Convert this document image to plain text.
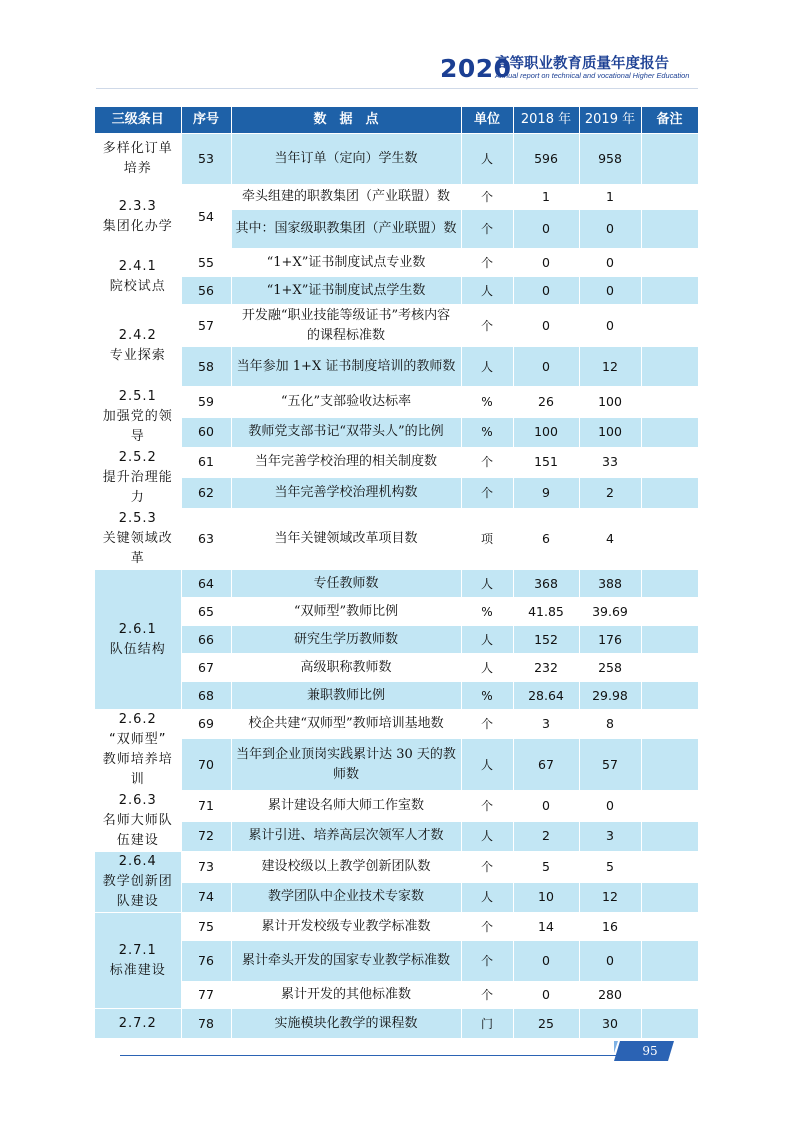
2020
高等职业教育质量年度报告
Annual report on technical and vocational Higher Education
三级条目	序号	数　据　点	单位	2018 年	2019 年	备注

多样化订单
培养	53	当年订单（定向）学生数	人	596	958	

2.3.3
集团化办学	54	牵头组建的职教集团（产业联盟）数	个	1	1	
		其中：国家级职教集团（产业联盟）数	个	0	0	

2.4.1
院校试点	55	“1+X”证书制度试点专业数	个	0	0	
	56	“1+X”证书制度试点学生数	人	0	0	

2.4.2
专业探索	57	开发融“职业技能等级证书”考核内容的课程标准数	个	0	0	
	58	当年参加 1+X 证书制度培训的教师数	人	0	12	

2.5.1
加强党的领
导	59	“五化”支部验收达标率	%	26	100	
	60	教师党支部书记“双带头人”的比例	%	100	100	

2.5.2
提升治理能
力	61	当年完善学校治理的相关制度数	个	151	33	
	62	当年完善学校治理机构数	个	9	2	

2.5.3
关键领域改
革	63	当年关键领域改革项目数	项	6	4	

2.6.1
队伍结构	64	专任教师数	人	368	388	
	65	“双师型”教师比例	%	41.85	39.69	
	66	研究生学历教师数	人	152	176	
	67	高级职称教师数	人	232	258	
	68	兼职教师比例	%	28.64	29.98	

2.6.2
“双师型”
教师培养培
训	69	校企共建“双师型”教师培训基地数	个	3	8	
	70	当年到企业顶岗实践累计达 30 天的教师数	人	67	57	

2.6.3
名师大师队
伍建设	71	累计建设名师大师工作室数	个	0	0	
	72	累计引进、培养高层次领军人才数	人	2	3	

2.6.4
教学创新团
队建设	73	建设校级以上教学创新团队数	个	5	5	
	74	教学团队中企业技术专家数	人	10	12	

2.7.1
标准建设	75	累计开发校级专业教学标准数	个	14	16	
	76	累计牵头开发的国家专业教学标准数	个	0	0	
	77	累计开发的其他标准数	个	0	280	

2.7.2	78	实施模块化教学的课程数	门	25	30	
95
